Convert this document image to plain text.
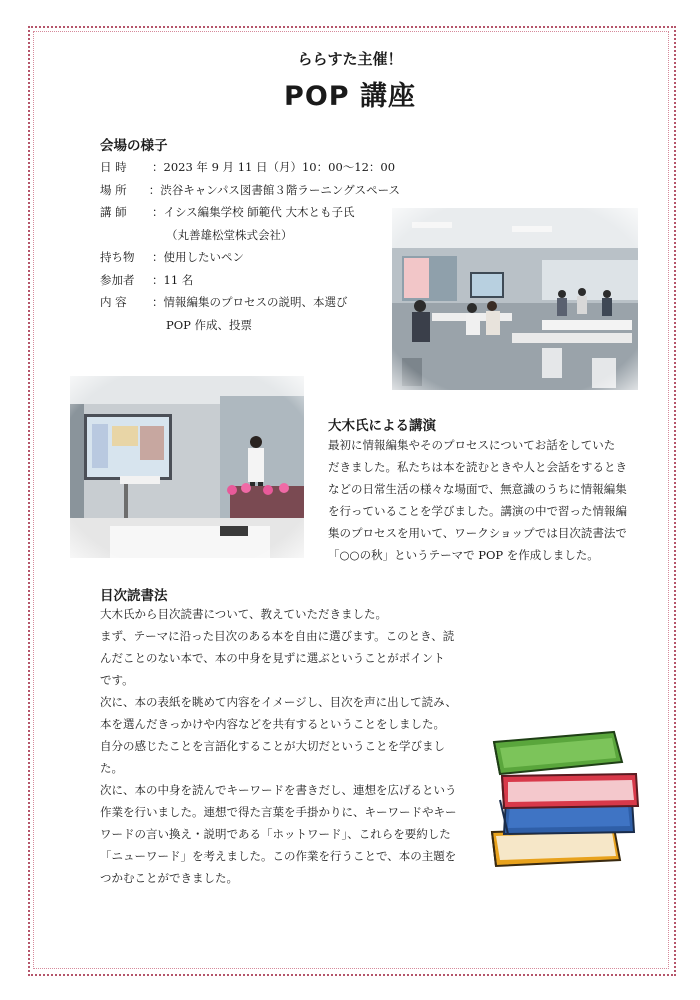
ららすた主催！
POP 講座
会場の様子
日 時	：2023 年 9 月 11 日（月）10：00～12：00
場 所	：渋谷キャンパス図書館３階ラーニングスペース
講 師	：イシス編集学校 師範代 大木とも子氏
（丸善雄松堂株式会社）
持ち物	：使用したいペン
参加者	：11 名
内 容	：情報編集のプロセスの説明、本選び
POP 作成、投票
大木氏による講演
最初に情報編集やそのプロセスについてお話をしていた
だきました。私たちは本を読むときや人と会話をするとき
などの日常生活の様々な場面で、無意識のうちに情報編集
を行っていることを学びました。講演の中で習った情報編
集のプロセスを用いて、ワークショップでは目次読書法で
「○○の秋」というテーマで POP を作成しました。
目次読書法
大木氏から目次読書について、教えていただきました。
まず、テーマに沿った目次のある本を自由に選びます。このとき、読
んだことのない本で、本の中身を見ずに選ぶということがポイント
です。
次に、本の表紙を眺めて内容をイメージし、目次を声に出して読み、
本を選んだきっかけや内容などを共有するということをしました。
自分の感じたことを言語化することが大切だということを学びまし
た。
次に、本の中身を読んでキーワードを書きだし、連想を広げるという
作業を行いました。連想で得た言葉を手掛かりに、キーワードやキー
ワードの言い換え・説明である「ホットワード」、これらを要約した
「ニューワード」を考えました。この作業を行うことで、本の主題を
つかむことができました。
